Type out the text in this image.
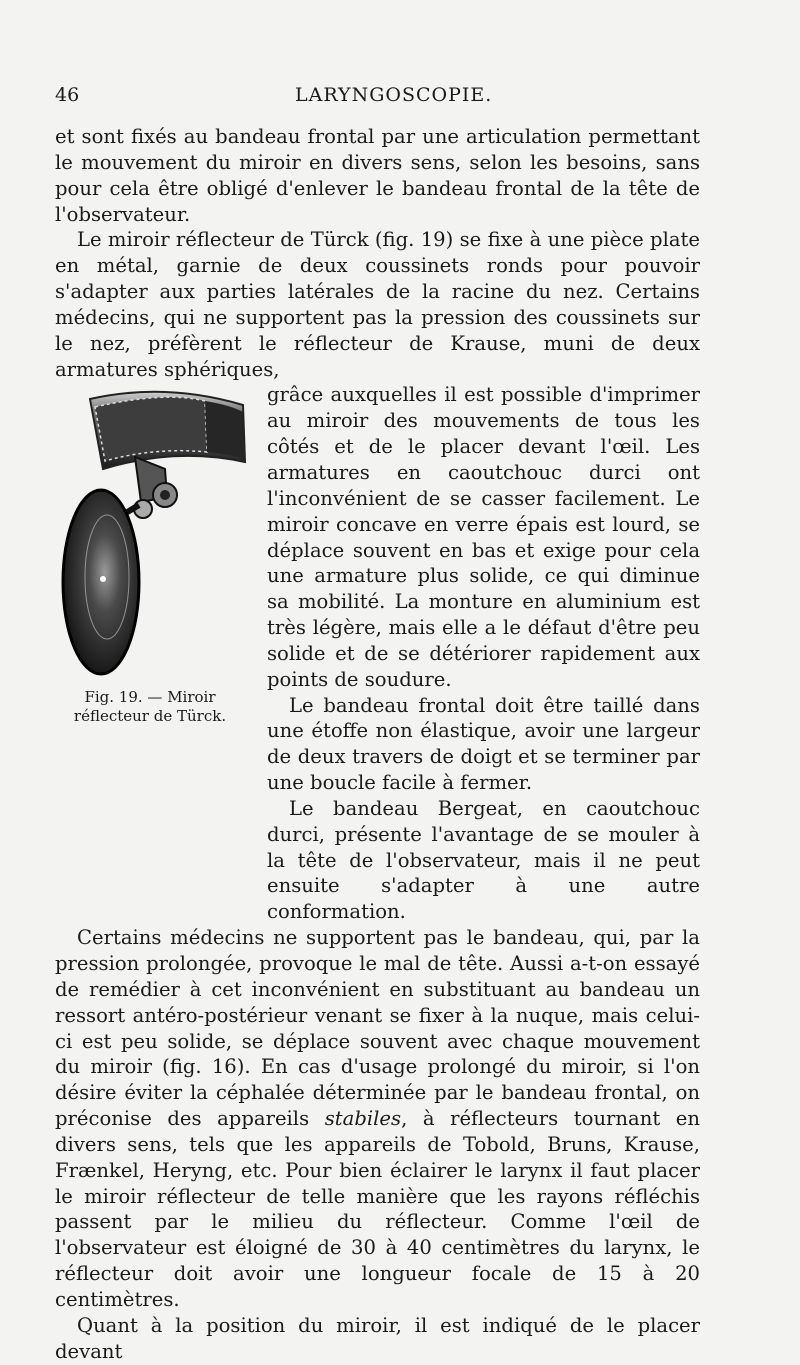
46	LARYNGOSCOPIE.

et sont fixés au bandeau frontal par une articulation permettant le mouvement du miroir en divers sens, selon les besoins, sans pour cela être obligé d'enlever le bandeau frontal de la tête de l'observateur.

Le miroir réflecteur de Türck (fig. 19) se fixe à une pièce plate en métal, garnie de deux coussinets ronds pour pouvoir s'adapter aux parties latérales de la racine du nez. Certains médecins, qui ne supportent pas la pression des coussinets sur le nez, préfèrent le réflecteur de Krause, muni de deux armatures sphériques,

grâce auxquelles il est possible d'imprimer au miroir des mouvements de tous les côtés et de le placer devant l'œil. Les armatures en caoutchouc durci ont l'inconvénient de se casser facilement. Le miroir concave en verre épais est lourd, se déplace souvent en bas et exige pour cela une armature plus solide, ce qui diminue sa mobilité. La monture en aluminium est très légère, mais elle a le défaut d'être peu solide et de se détériorer rapidement aux points de soudure.

Le bandeau frontal doit être taillé dans une étoffe non élastique, avoir une largeur de deux travers de doigt et se terminer par une boucle facile à fermer.

Le bandeau Bergeat, en caoutchouc durci, présente l'avantage de se mouler à la tête de l'observateur, mais il ne peut ensuite s'adapter à une autre conformation.

Certains médecins ne supportent pas le bandeau, qui, par la pression prolongée, provoque le mal de tête. Aussi a-t-on essayé de remédier à cet inconvénient en substituant au bandeau un ressort antéro-postérieur venant se fixer à la nuque, mais celui-ci est peu solide, se déplace souvent avec chaque mouvement du miroir (fig. 16). En cas d'usage prolongé du miroir, si l'on désire éviter la céphalée déterminée par le bandeau frontal, on préconise des appareils stabiles, à réflecteurs tournant en divers sens, tels que les appareils de Tobold, Bruns, Krause, Frænkel, Heryng, etc. Pour bien éclairer le larynx il faut placer le miroir réflecteur de telle manière que les rayons réfléchis passent par le milieu du réflecteur. Comme l'œil de l'observateur est éloigné de 30 à 40 centimètres du larynx, le réflecteur doit avoir une longueur focale de 15 à 20 centimètres.

Quant à la position du miroir, il est indiqué de le placer devant

Fig. 19. — Miroir
réflecteur de Türck.
